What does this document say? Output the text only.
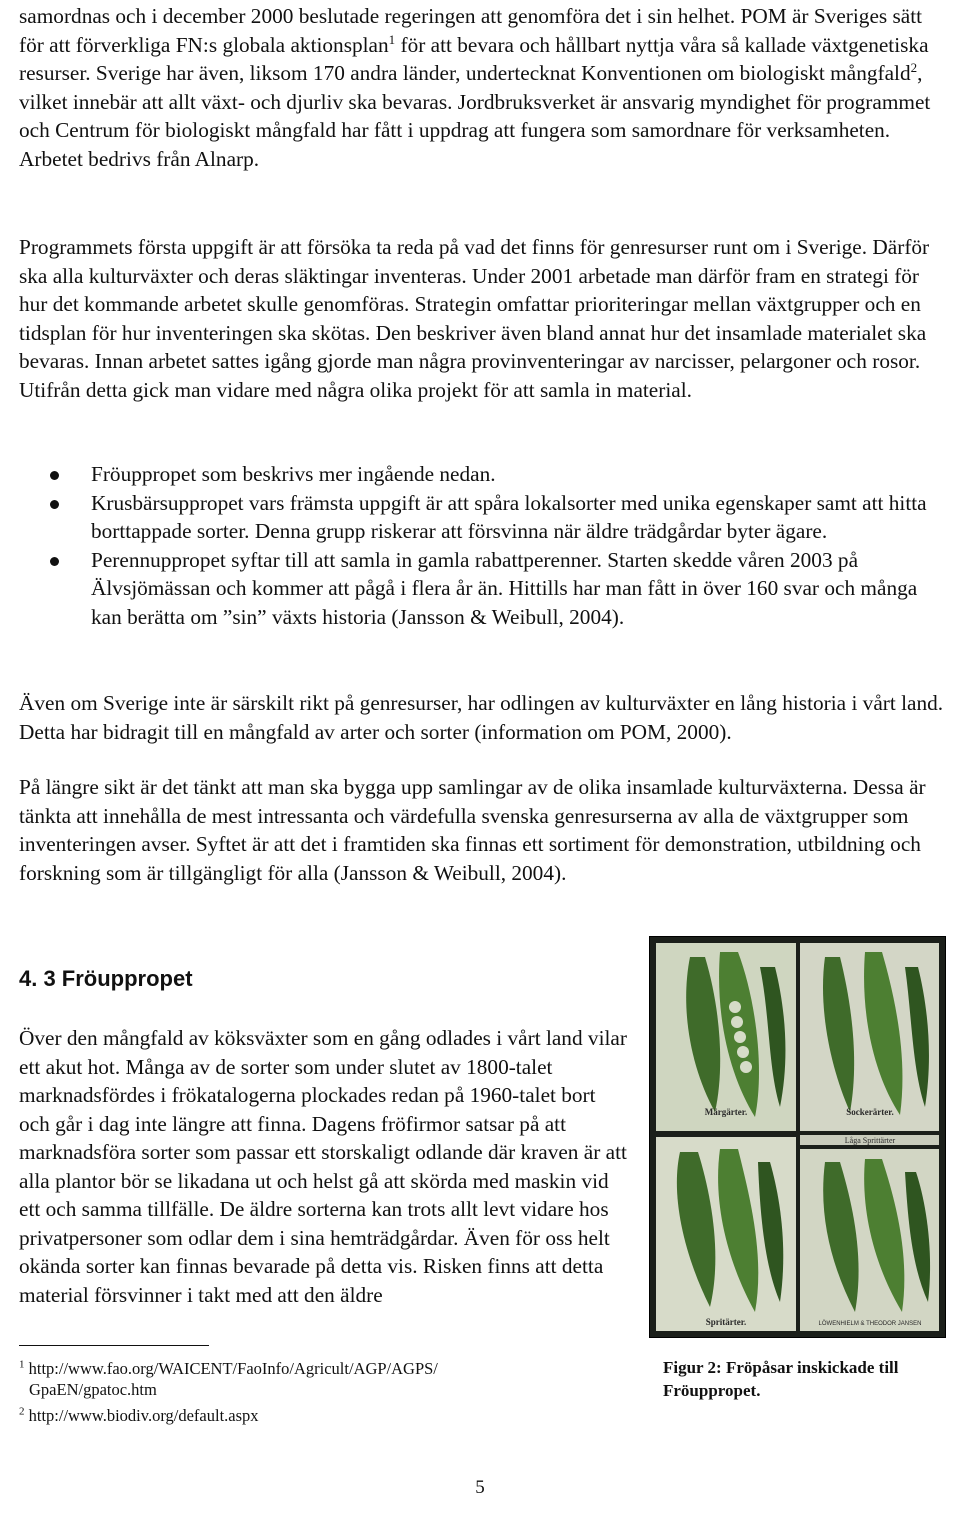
samordnas och i december 2000 beslutade regeringen att genomföra det i sin helhet. POM är Sveriges sätt för att förverkliga FN:s globala aktionsplan$^1$ för att bevara och hållbart nyttja våra så kallade växtgenetiska resurser. Sverige har även, liksom 170 andra länder, undertecknat Konventionen om biologiskt mångfald$^2$, vilket innebär att allt växt- och djurliv ska bevaras. Jordbruksverket är ansvarig myndighet för programmet och Centrum för biologiskt mångfald har fått i uppdrag att fungera som samordnare för verksamheten. Arbetet bedrivs från Alnarp.

Programmets första uppgift är att försöka ta reda på vad det finns för genresurser runt om i Sverige. Därför ska alla kulturväxter och deras släktingar inventeras. Under 2001 arbetade man därför fram en strategi för hur det kommande arbetet skulle genomföras. Strategin omfattar prioriteringar mellan växtgrupper och en tidsplan för hur inventeringen ska skötas. Den beskriver även bland annat hur det insamlade materialet ska bevaras. Innan arbetet sattes igång gjorde man några provinventeringar av narcisser, pelargoner och rosor. Utifrån detta gick man vidare med några olika projekt för att samla in material.

Fröuppropet som beskrivs mer ingående nedan.
Krusbärsuppropet vars främsta uppgift är att spåra lokalsorter med unika egenskaper samt att hitta borttappade sorter. Denna grupp riskerar att försvinna när äldre trädgårdar byter ägare.
Perennuppropet syftar till att samla in gamla rabattperenner. Starten skedde våren 2003 på Älvsjömässan och kommer att pågå i flera år än. Hittills har man fått in över 160 svar och många kan berätta om ”sin” växts historia (Jansson & Weibull, 2004).

Även om Sverige inte är särskilt rikt på genresurser, har odlingen av kulturväxter en lång historia i vårt land. Detta har bidragit till en mångfald av arter och sorter (information om POM, 2000).

På längre sikt är det tänkt att man ska bygga upp samlingar av de olika insamlade kulturväxterna. Dessa är tänkta att innehålla de mest intressanta och värdefulla svenska genresurserna av alla de växtgrupper som inventeringen avser. Syftet är att det i framtiden ska finnas ett sortiment för demonstration, utbildning och forskning som är tillgängligt för alla (Jansson & Weibull, 2004).

4. 3 Fröuppropet

Över den mångfald av köksväxter som en gång odlades i vårt land vilar ett akut hot. Många av de sorter som under slutet av 1800-talet marknadsfördes i frökatalogerna plockades redan på 1960-talet bort och går i dag inte längre att finna. Dagens fröfirmor satsar på att marknadsföra sorter som passar ett storskaligt odlande där kraven är att alla plantor bör se likadana ut och helst gå att skörda med maskin vid ett och samma tillfälle. De äldre sorterna kan trots allt levt vidare hos privatpersoner som odlar dem i sina hemträdgårdar. Även för oss helt okända sorter kan finnas bevarade på detta vis. Risken finns att detta material försvinner i takt med att den äldre

Märgärter.	Sockerärter.
Låga Sprittärter
Spritärter.	LÖWENHIELM & THEODOR JANSEN

Figur 2: Fröpåsar inskickade till Fröuppropet.

$^1$ http://www.fao.org/WAICENT/FaoInfo/Agricult/AGP/AGPS/
GpaEN/gpatoc.htm

$^2$ http://www.biodiv.org/default.aspx

5
